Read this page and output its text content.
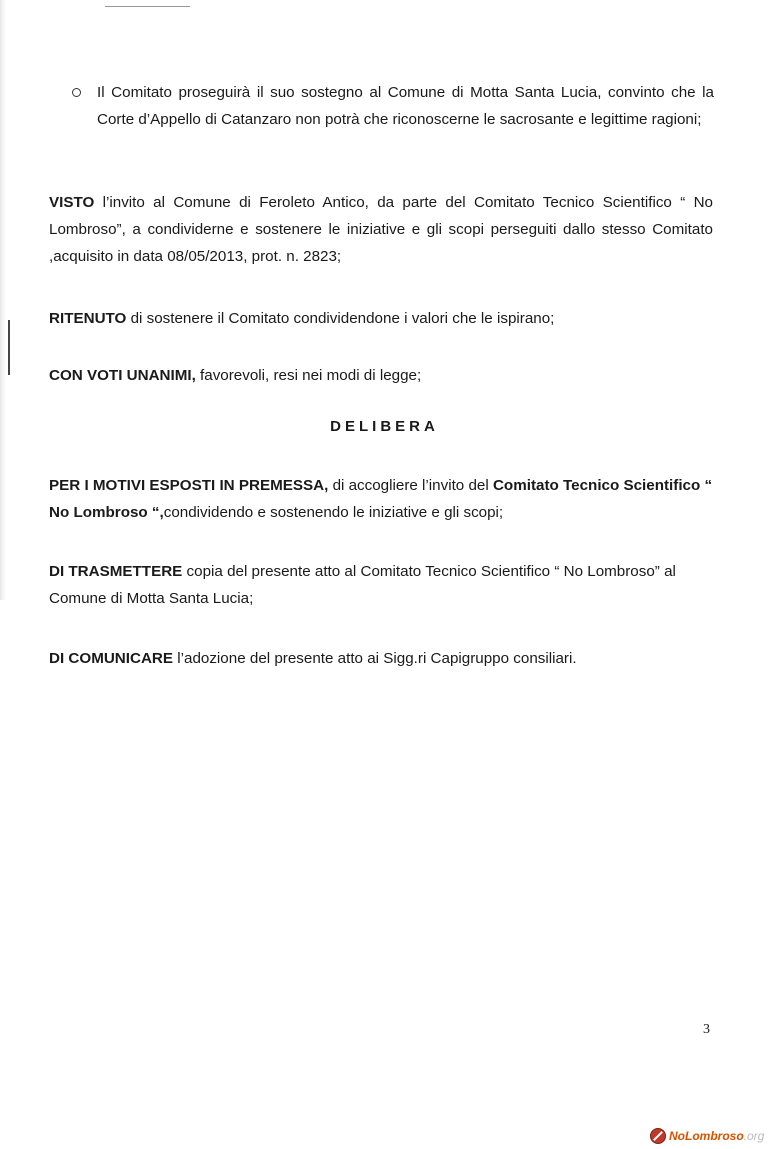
Il Comitato proseguirà il suo sostegno al Comune di Motta Santa Lucia, convinto che la Corte d’Appello di Catanzaro non potrà che riconoscerne le sacrosante e legittime ragioni;
VISTO l’invito al Comune di Feroleto Antico, da parte del Comitato Tecnico Scientifico “ No Lombroso”, a condividerne e sostenere le iniziative e gli scopi perseguiti dallo stesso Comitato ,acquisito in data 08/05/2013, prot. n. 2823;
RITENUTO di sostenere il Comitato condividendone i valori che le ispirano;
CON VOTI UNANIMI, favorevoli, resi nei modi di legge;
DELIBERA
PER I MOTIVI ESPOSTI IN PREMESSA, di accogliere l’invito del Comitato Tecnico Scientifico “ No Lombroso “,condividendo e sostenendo le iniziative e gli scopi;
DI TRASMETTERE copia del presente atto al Comitato Tecnico Scientifico “ No Lombroso” al Comune di Motta Santa Lucia;
DI COMUNICARE l’adozione del presente atto ai Sigg.ri Capigruppo consiliari.
3
NoLombroso.org
